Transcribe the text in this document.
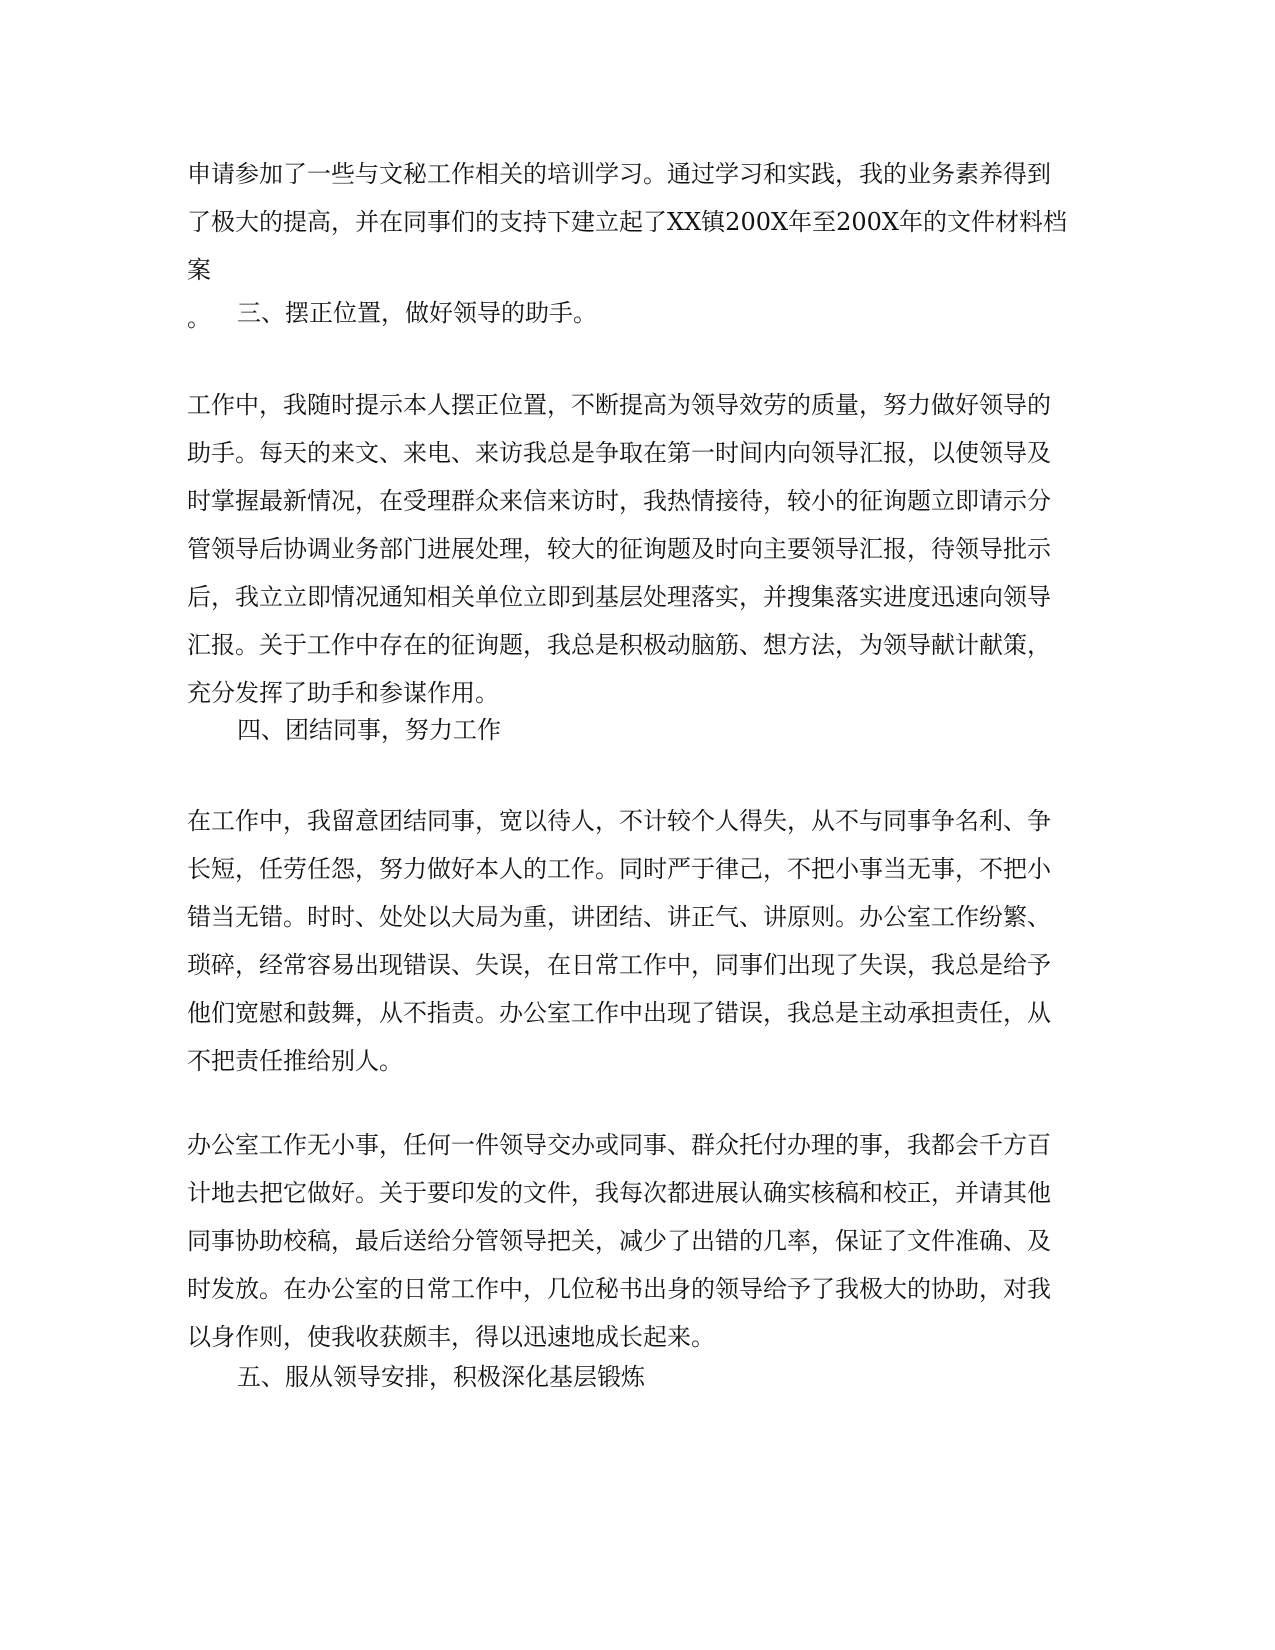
申请参加了一些与文秘工作相关的培训学习。通过学习和实践，我的业务素养得到
了极大的提高，并在同事们的支持下建立起了XX镇200X年至200X年的文件材料档案
。	三、摆正位置，做好领导的助手。

工作中，我随时提示本人摆正位置，不断提高为领导效劳的质量，努力做好领导的
助手。每天的来文、来电、来访我总是争取在第一时间内向领导汇报，以使领导及
时掌握最新情况，在受理群众来信来访时，我热情接待，较小的征询题立即请示分
管领导后协调业务部门进展处理，较大的征询题及时向主要领导汇报，待领导批示
后，我立立即情况通知相关单位立即到基层处理落实，并搜集落实进度迅速向领导
汇报。关于工作中存在的征询题，我总是积极动脑筋、想方法，为领导献计献策，
充分发挥了助手和参谋作用。

四、团结同事，努力工作

在工作中，我留意团结同事，宽以待人，不计较个人得失，从不与同事争名利、争
长短，任劳任怨，努力做好本人的工作。同时严于律己，不把小事当无事，不把小
错当无错。时时、处处以大局为重，讲团结、讲正气、讲原则。办公室工作纷繁、
琐碎，经常容易出现错误、失误，在日常工作中，同事们出现了失误，我总是给予
他们宽慰和鼓舞，从不指责。办公室工作中出现了错误，我总是主动承担责任，从
不把责任推给别人。

办公室工作无小事，任何一件领导交办或同事、群众托付办理的事，我都会千方百
计地去把它做好。关于要印发的文件，我每次都进展认确实核稿和校正，并请其他
同事协助校稿，最后送给分管领导把关，减少了出错的几率，保证了文件准确、及
时发放。在办公室的日常工作中，几位秘书出身的领导给予了我极大的协助，对我
以身作则，使我收获颇丰，得以迅速地成长起来。

五、服从领导安排，积极深化基层锻炼
